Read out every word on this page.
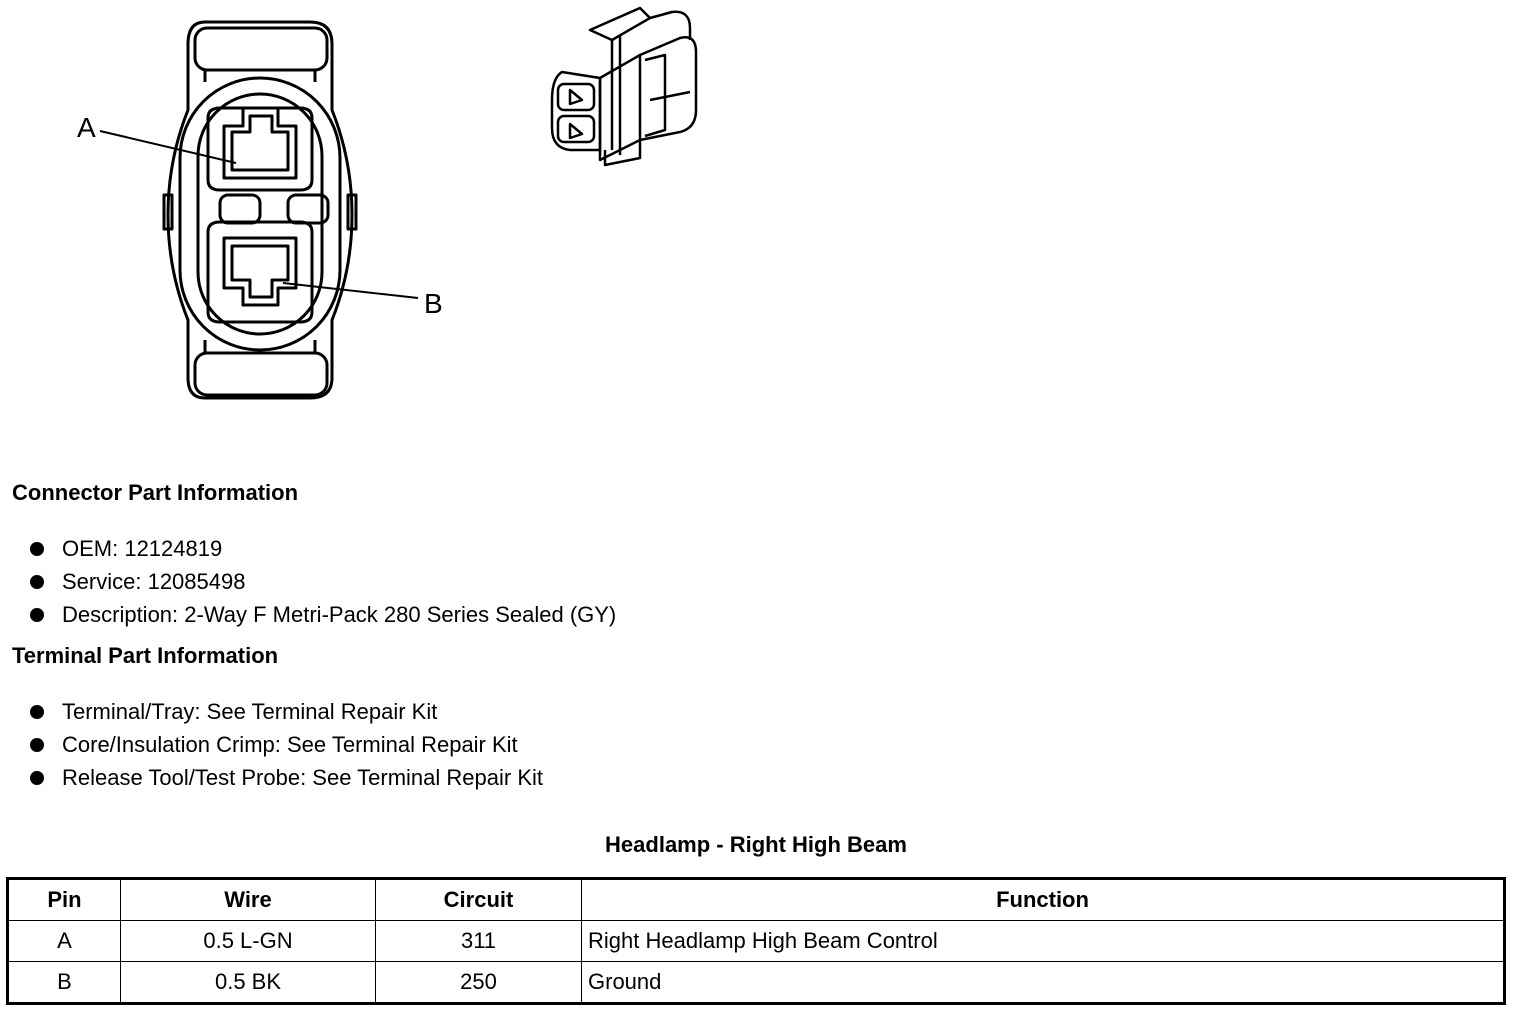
A
B
Connector Part Information
OEM: 12124819
Service: 12085498
Description: 2-Way F Metri-Pack 280 Series Sealed (GY)
Terminal Part Information
Terminal/Tray: See Terminal Repair Kit
Core/Insulation Crimp: See Terminal Repair Kit
Release Tool/Test Probe: See Terminal Repair Kit
Headlamp - Right High Beam
Pin	Wire	Circuit	Function
A	0.5 L-GN	311	Right Headlamp High Beam Control
B	0.5 BK	250	Ground
